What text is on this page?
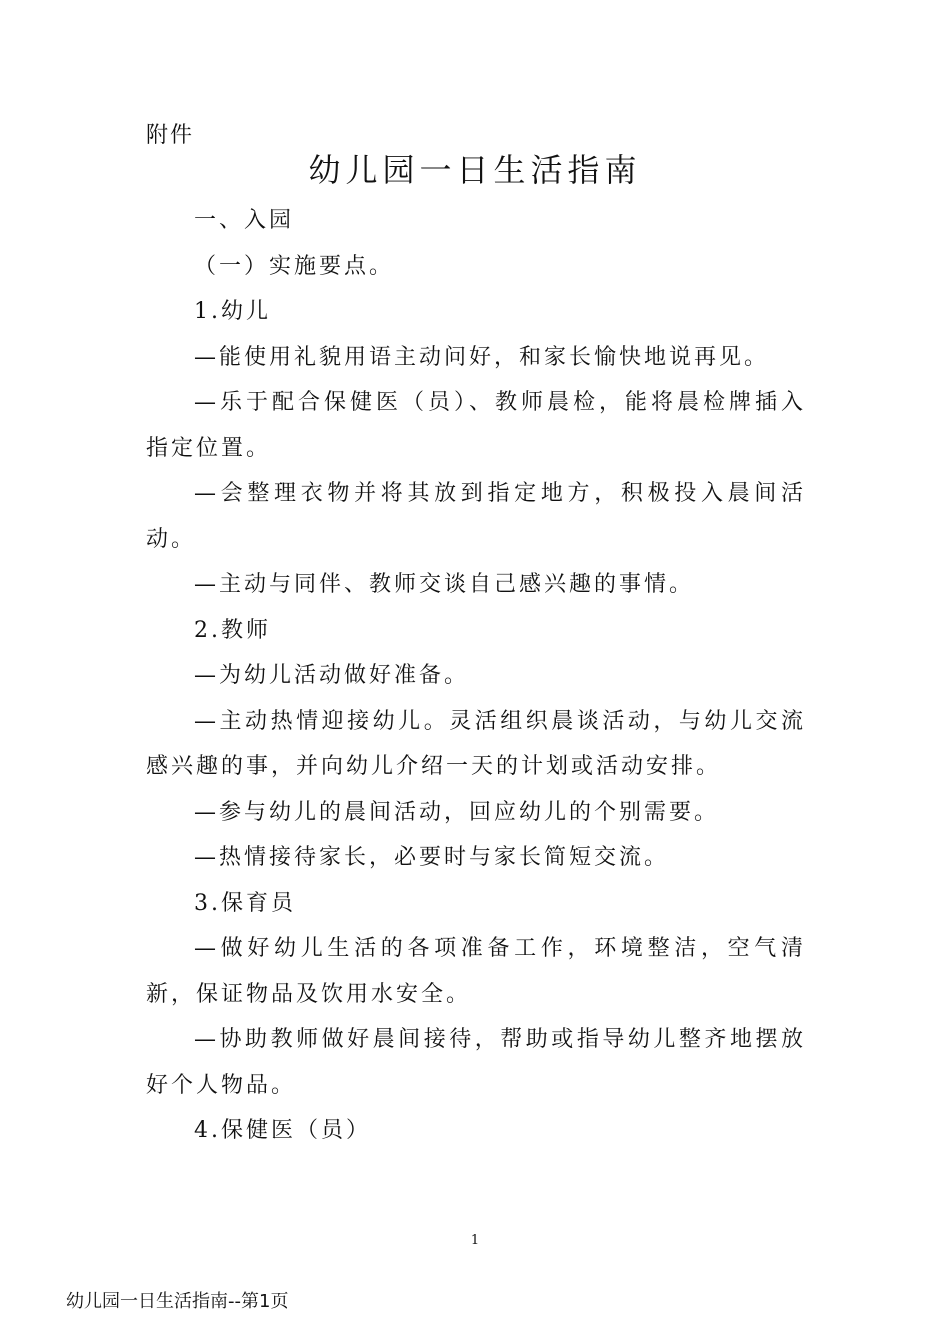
附件
幼儿园一日生活指南

一、入园

（一）实施要点。

1.幼儿

—能使用礼貌用语主动问好，和家长愉快地说再见。

—乐于配合保健医（员）、教师晨检，能将晨检牌插入指定位置。

—会整理衣物并将其放到指定地方，积极投入晨间活动。

—主动与同伴、教师交谈自己感兴趣的事情。

2.教师

—为幼儿活动做好准备。

—主动热情迎接幼儿。灵活组织晨谈活动，与幼儿交流感兴趣的事，并向幼儿介绍一天的计划或活动安排。

—参与幼儿的晨间活动，回应幼儿的个别需要。

—热情接待家长，必要时与家长简短交流。

3.保育员

—做好幼儿生活的各项准备工作，环境整洁，空气清新，保证物品及饮用水安全。

—协助教师做好晨间接待，帮助或指导幼儿整齐地摆放好个人物品。

4.保健医（员）

1
幼儿园一日生活指南--第1页
